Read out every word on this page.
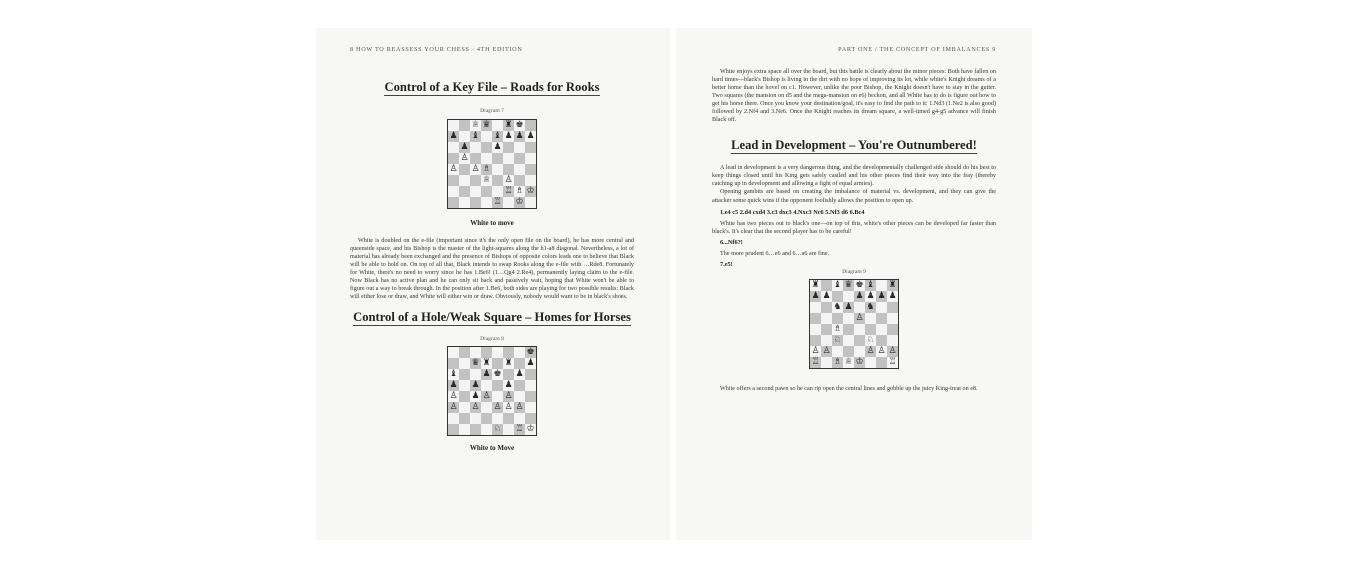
8 HOW TO REASSESS YOUR CHESS · 4TH EDITION
Control of a Key File – Roads for Rooks
Diagram 7
♕ ♛ ♜ ♚
♟ ♝ ♝ ♟ ♟ ♟
♟	♟
♙
♙ ♙ ♗
♕ ♙
♖ ♗ ♔
♖ ♔
White to move

White is doubled on the e-file (important since it's the only open file on the board), he has more central and queenside space, and his Bishop is the master of the light-squares along the h1-a8 diagonal. Nevertheless, a lot of material has already been exchanged and the presence of Bishops of opposite colors leads one to believe that Black will be able to hold on. On top of all that, Black intends to swap Rooks along the e-file with …Rde8. Fortunately for White, there's no need to worry since he has 1.Be6! (1…Qg4 2.Re4), permanently laying claim to the e-file. Now Black has no active plan and he can only sit back and passively wait, hoping that White won't be able to figure out a way to break through. In the position after 1.Be6, both sides are playing for two possible results: Black will either lose or draw, and White will either win or draw. Obviously, nobody would want to be in black's shoes.

Control of a Hole/Weak Square – Homes for Horses
Diagram 8
♚
♛ ♜ ♜ ♟
♝	♟ ♚ ♟
♟ ♟	♟
♙ ♟ ♙ ♙
♙ ♙ ♙ ♙ ♙
♘ ♖ ♔
White to Move
PART ONE / THE CONCEPT OF IMBALANCES 9

White enjoys extra space all over the board, but this battle is clearly about the minor pieces: Both have fallen on hard times—black's Bishop is living in the dirt with no hope of improving its lot, while white's Knight dreams of a better home than the hovel on c1. However, unlike the poor Bishop, the Knight doesn't have to stay in the gutter. Two squares (the mansion on d5 and the mega-mansion on e6) beckon, and all White has to do is figure out how to get his horse there. Once you know your destination/goal, it's easy to find the path to it: 1.Nd3 (1.Ne2 is also good) followed by 2.Nf4 and 3.Ne6. Once the Knight reaches its dream square, a well-timed g4-g5 advance will finish Black off.

Lead in Development – You're Outnumbered!

A lead in development is a very dangerous thing, and the developmentally challenged side should do his best to keep things closed until his King gets safely castled and his other pieces find their way into the fray (thereby catching up in development and allowing a fight of equal armies).

Opening gambits are based on creating the imbalance of material vs. development, and they can give the attacker some quick wins if the opponent foolishly allows the position to open up.

1.e4 c5 2.d4 cxd4 3.c3 dxc3 4.Nxc3 Nc6 5.Nf3 d6 6.Bc4

White has two pieces out to black's one—on top of this, white's other pieces can be developed far faster than black's. It's clear that the second player has to be careful!

6...Nf6?!

The more prudent 6…e6 and 6…a6 are fine.

7.e5!

Diagram 9
♜ ♝ ♛ ♚ ♝ ♜
♟ ♟	♟ ♟ ♟ ♟
♞ ♟ ♞
♙
♗
♘	♘
♙ ♙	♙ ♙ ♙
♖ ♗ ♕ ♔	♖

White offers a second pawn so he can rip open the central lines and gobble up the juicy King-treat on e8.
